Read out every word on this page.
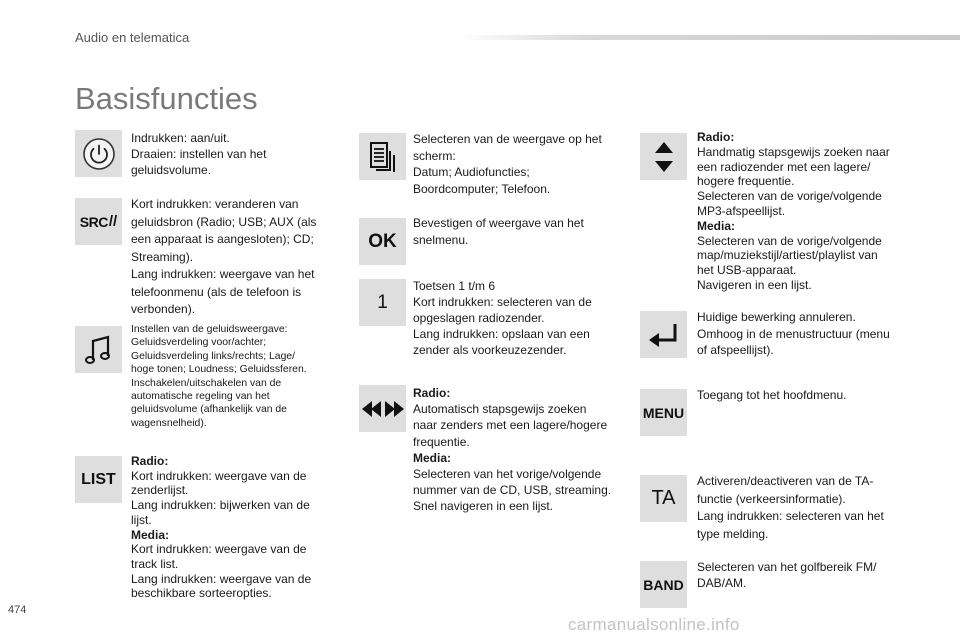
Audio en telematica
Basisfuncties

Indrukken: aan/uit.

Draaien: instellen van het

geluidsvolume.

SRC //

Kort indrukken: veranderen van

geluidsbron (Radio; USB; AUX (als

een apparaat is aangesloten); CD;

Streaming).

Lang indrukken: weergave van het

telefoonmenu (als de telefoon is

verbonden).

Instellen van de geluidsweergave:

Geluidsverdeling voor/achter;

Geluidsverdeling links/rechts; Lage/

hoge tonen; Loudness; Geluidssferen.

Inschakelen/uitschakelen van de

automatische regeling van het

geluidsvolume (afhankelijk van de

wagensnelheid).

LIST

Radio:

Kort indrukken: weergave van de

zenderlijst.

Lang indrukken: bijwerken van de

lijst.

Media:

Kort indrukken: weergave van de

track list.

Lang indrukken: weergave van de

beschikbare sorteeropties.

Selecteren van de weergave op het

scherm:

Datum; Audiofuncties;

Boordcomputer; Telefoon.

OK

Bevestigen of weergave van het

snelmenu.

1

Toetsen 1 t/m 6

Kort indrukken: selecteren van de

opgeslagen radiozender.

Lang indrukken: opslaan van een

zender als voorkeuzezender.

Radio:

Automatisch stapsgewijs zoeken

naar zenders met een lagere/hogere

frequentie.

Media:

Selecteren van het vorige/volgende

nummer van de CD, USB, streaming.

Snel navigeren in een lijst.

Radio:

Handmatig stapsgewijs zoeken naar

een radiozender met een lagere/

hogere frequentie.

Selecteren van de vorige/volgende

MP3-afspeellijst.

Media:

Selecteren van de vorige/volgende

map/muziekstijl/artiest/playlist van

het USB-apparaat.

Navigeren in een lijst.

Huidige bewerking annuleren.

Omhoog in de menustructuur (menu

of afspeellijst).

MENU

Toegang tot het hoofdmenu.

TA

Activeren/deactiveren van de TA-

functie (verkeersinformatie).

Lang indrukken: selecteren van het

type melding.

BAND

Selecteren van het golfbereik FM/

DAB/AM.

474
carmanualsonline.info
